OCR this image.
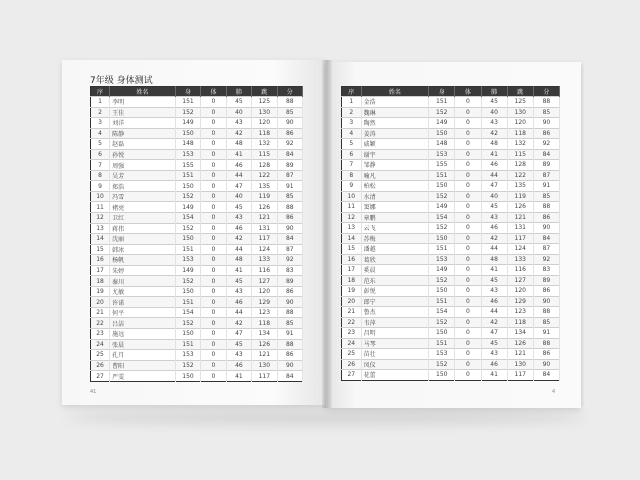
7年级 身体测试
序	姓名	身	体	肺	跳	分
1	李明	151	0	45	125	88
2	王佳	152	0	40	130	85
3	刘洋	149	0	43	120	90
4	陈静	150	0	42	118	86
5	赵磊	148	0	48	132	92
6	孙悦	153	0	41	115	84
7	周强	155	0	46	128	89
8	吴芳	151	0	44	122	87
9	郑浩	150	0	47	135	91
10	冯雪	152	0	40	119	85
11	褚亮	149	0	45	126	88
12	卫红	154	0	43	121	86
13	蒋伟	152	0	46	131	90
14	沈丽	150	0	42	117	84
15	韩冰	151	0	44	124	87
16	杨帆	153	0	48	133	92
17	朱婷	149	0	41	116	83
18	秦川	152	0	45	127	89
19	尤敏	150	0	43	120	86
20	许诺	151	0	46	129	90
21	何平	154	0	44	123	88
22	吕洁	152	0	42	118	85
23	施远	150	0	47	134	91
24	张晨	151	0	45	126	88
25	孔月	153	0	43	121	86
26	曹阳	152	0	46	130	90
27	严雯	150	0	41	117	84
序	姓名	身	体	肺	跳	分
1	金浩	151	0	45	125	88
2	魏琳	152	0	40	130	85
3	陶然	149	0	43	120	90
4	姜涛	150	0	42	118	86
5	戚颖	148	0	48	132	92
6	谢宇	153	0	41	115	84
7	邹静	155	0	46	128	89
8	喻凡	151	0	44	122	87
9	柏松	150	0	47	135	91
10	水清	152	0	40	119	85
11	窦娜	149	0	45	126	88
12	章鹏	154	0	43	121	86
13	云飞	152	0	46	131	90
14	苏梅	150	0	42	117	84
15	潘越	151	0	44	124	87
16	葛欣	153	0	48	133	92
17	奚晨	149	0	41	116	83
18	范东	152	0	45	127	89
19	彭悦	150	0	43	120	86
20	郎宁	151	0	46	129	90
21	鲁杰	154	0	44	123	88
22	韦萍	152	0	42	118	85
23	昌明	150	0	47	134	91
24	马琴	151	0	45	126	88
25	苗壮	153	0	43	121	86
26	凤仪	152	0	46	130	90
27	花蕾	150	0	41	117	84
41	4
